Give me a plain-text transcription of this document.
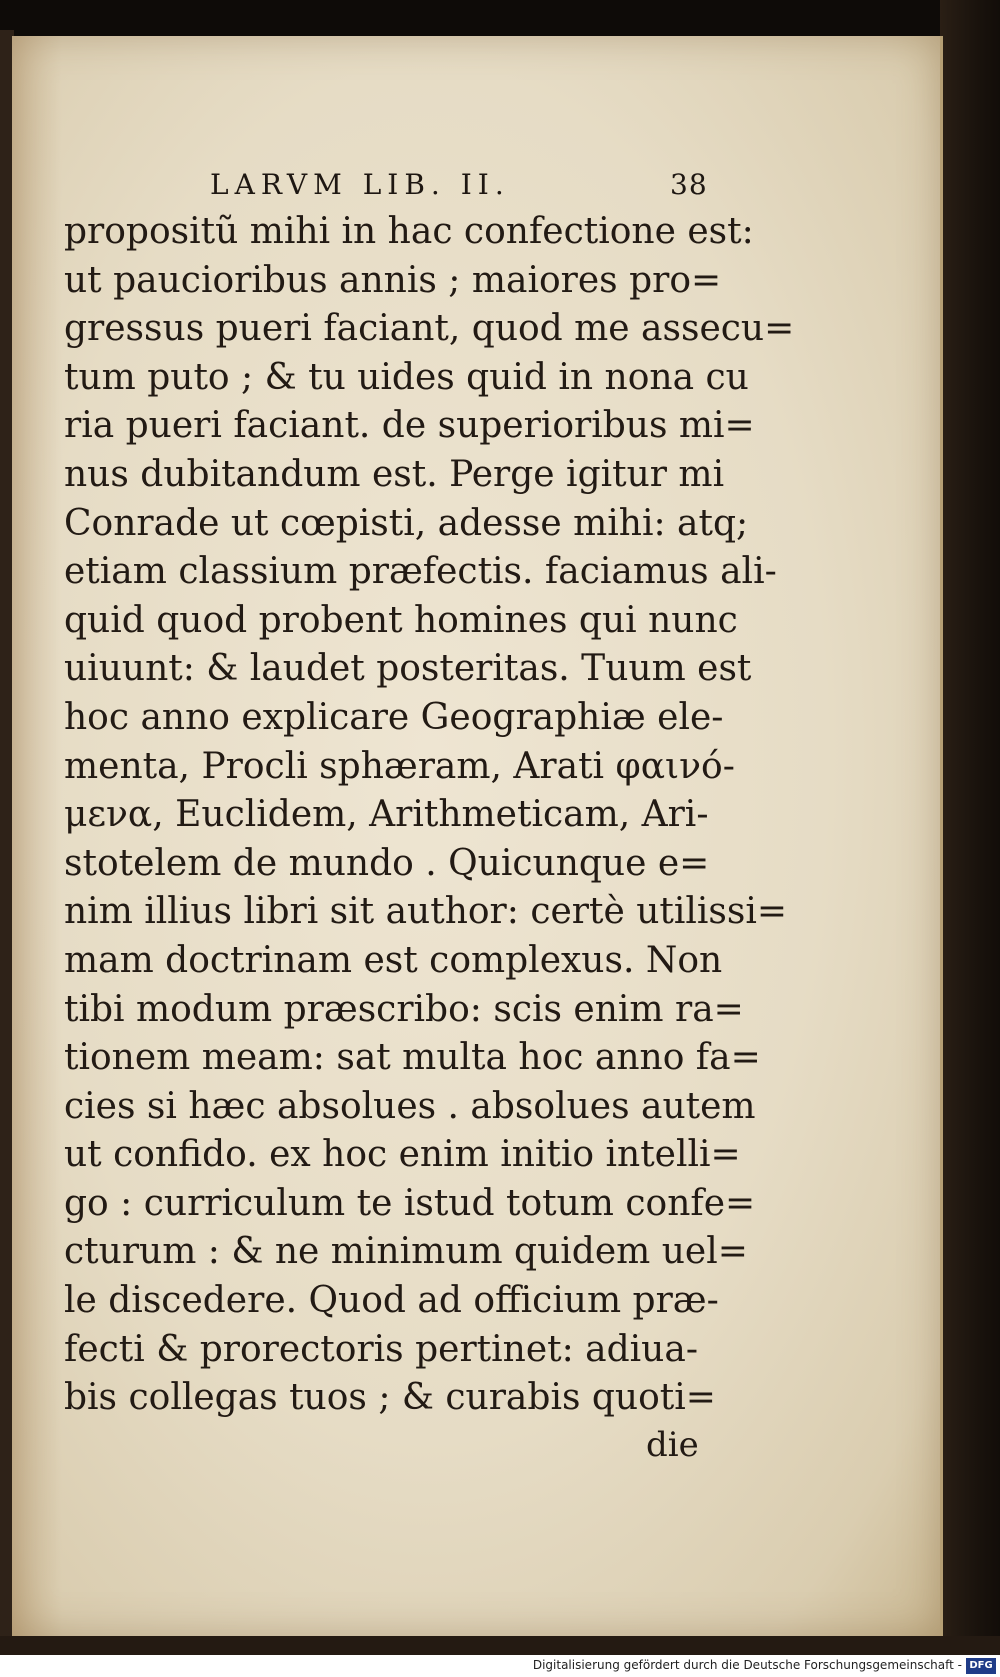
LARVM LIB. II.	38
propositũ mihi in hac confectione est:
ut paucioribus annis ; maiores pro=
gressus pueri faciant, quod me assecu=
tum puto ; & tu uides quid in nona cu
ria pueri faciant. de superioribus mi=
nus dubitandum est. Perge igitur mi
Conrade ut cœpisti, adesse mihi: atq;
etiam classium præfectis. faciamus ali-
quid quod probent homines qui nunc
uiuunt: & laudet posteritas. Tuum est
hoc anno explicare Geographiæ ele-
menta, Procli sphæram, Arati φαινό-
μενα, Euclidem, Arithmeticam, Ari-
stotelem de mundo . Quicunque e=
nim illius libri sit author: certè utilissi=
mam doctrinam est complexus. Non
tibi modum præscribo: scis enim ra=
tionem meam: sat multa hoc anno fa=
cies si hæc absolues . absolues autem
ut confido. ex hoc enim initio intelli=
go : curriculum te istud totum confe=
cturum : & ne minimum quidem uel=
le discedere. Quod ad officium præ-
fecti & prorectoris pertinet: adiua-
bis collegas tuos ; & curabis quoti=
die
Digitalisierung gefördert durch die Deutsche Forschungsgemeinschaft - DFG
